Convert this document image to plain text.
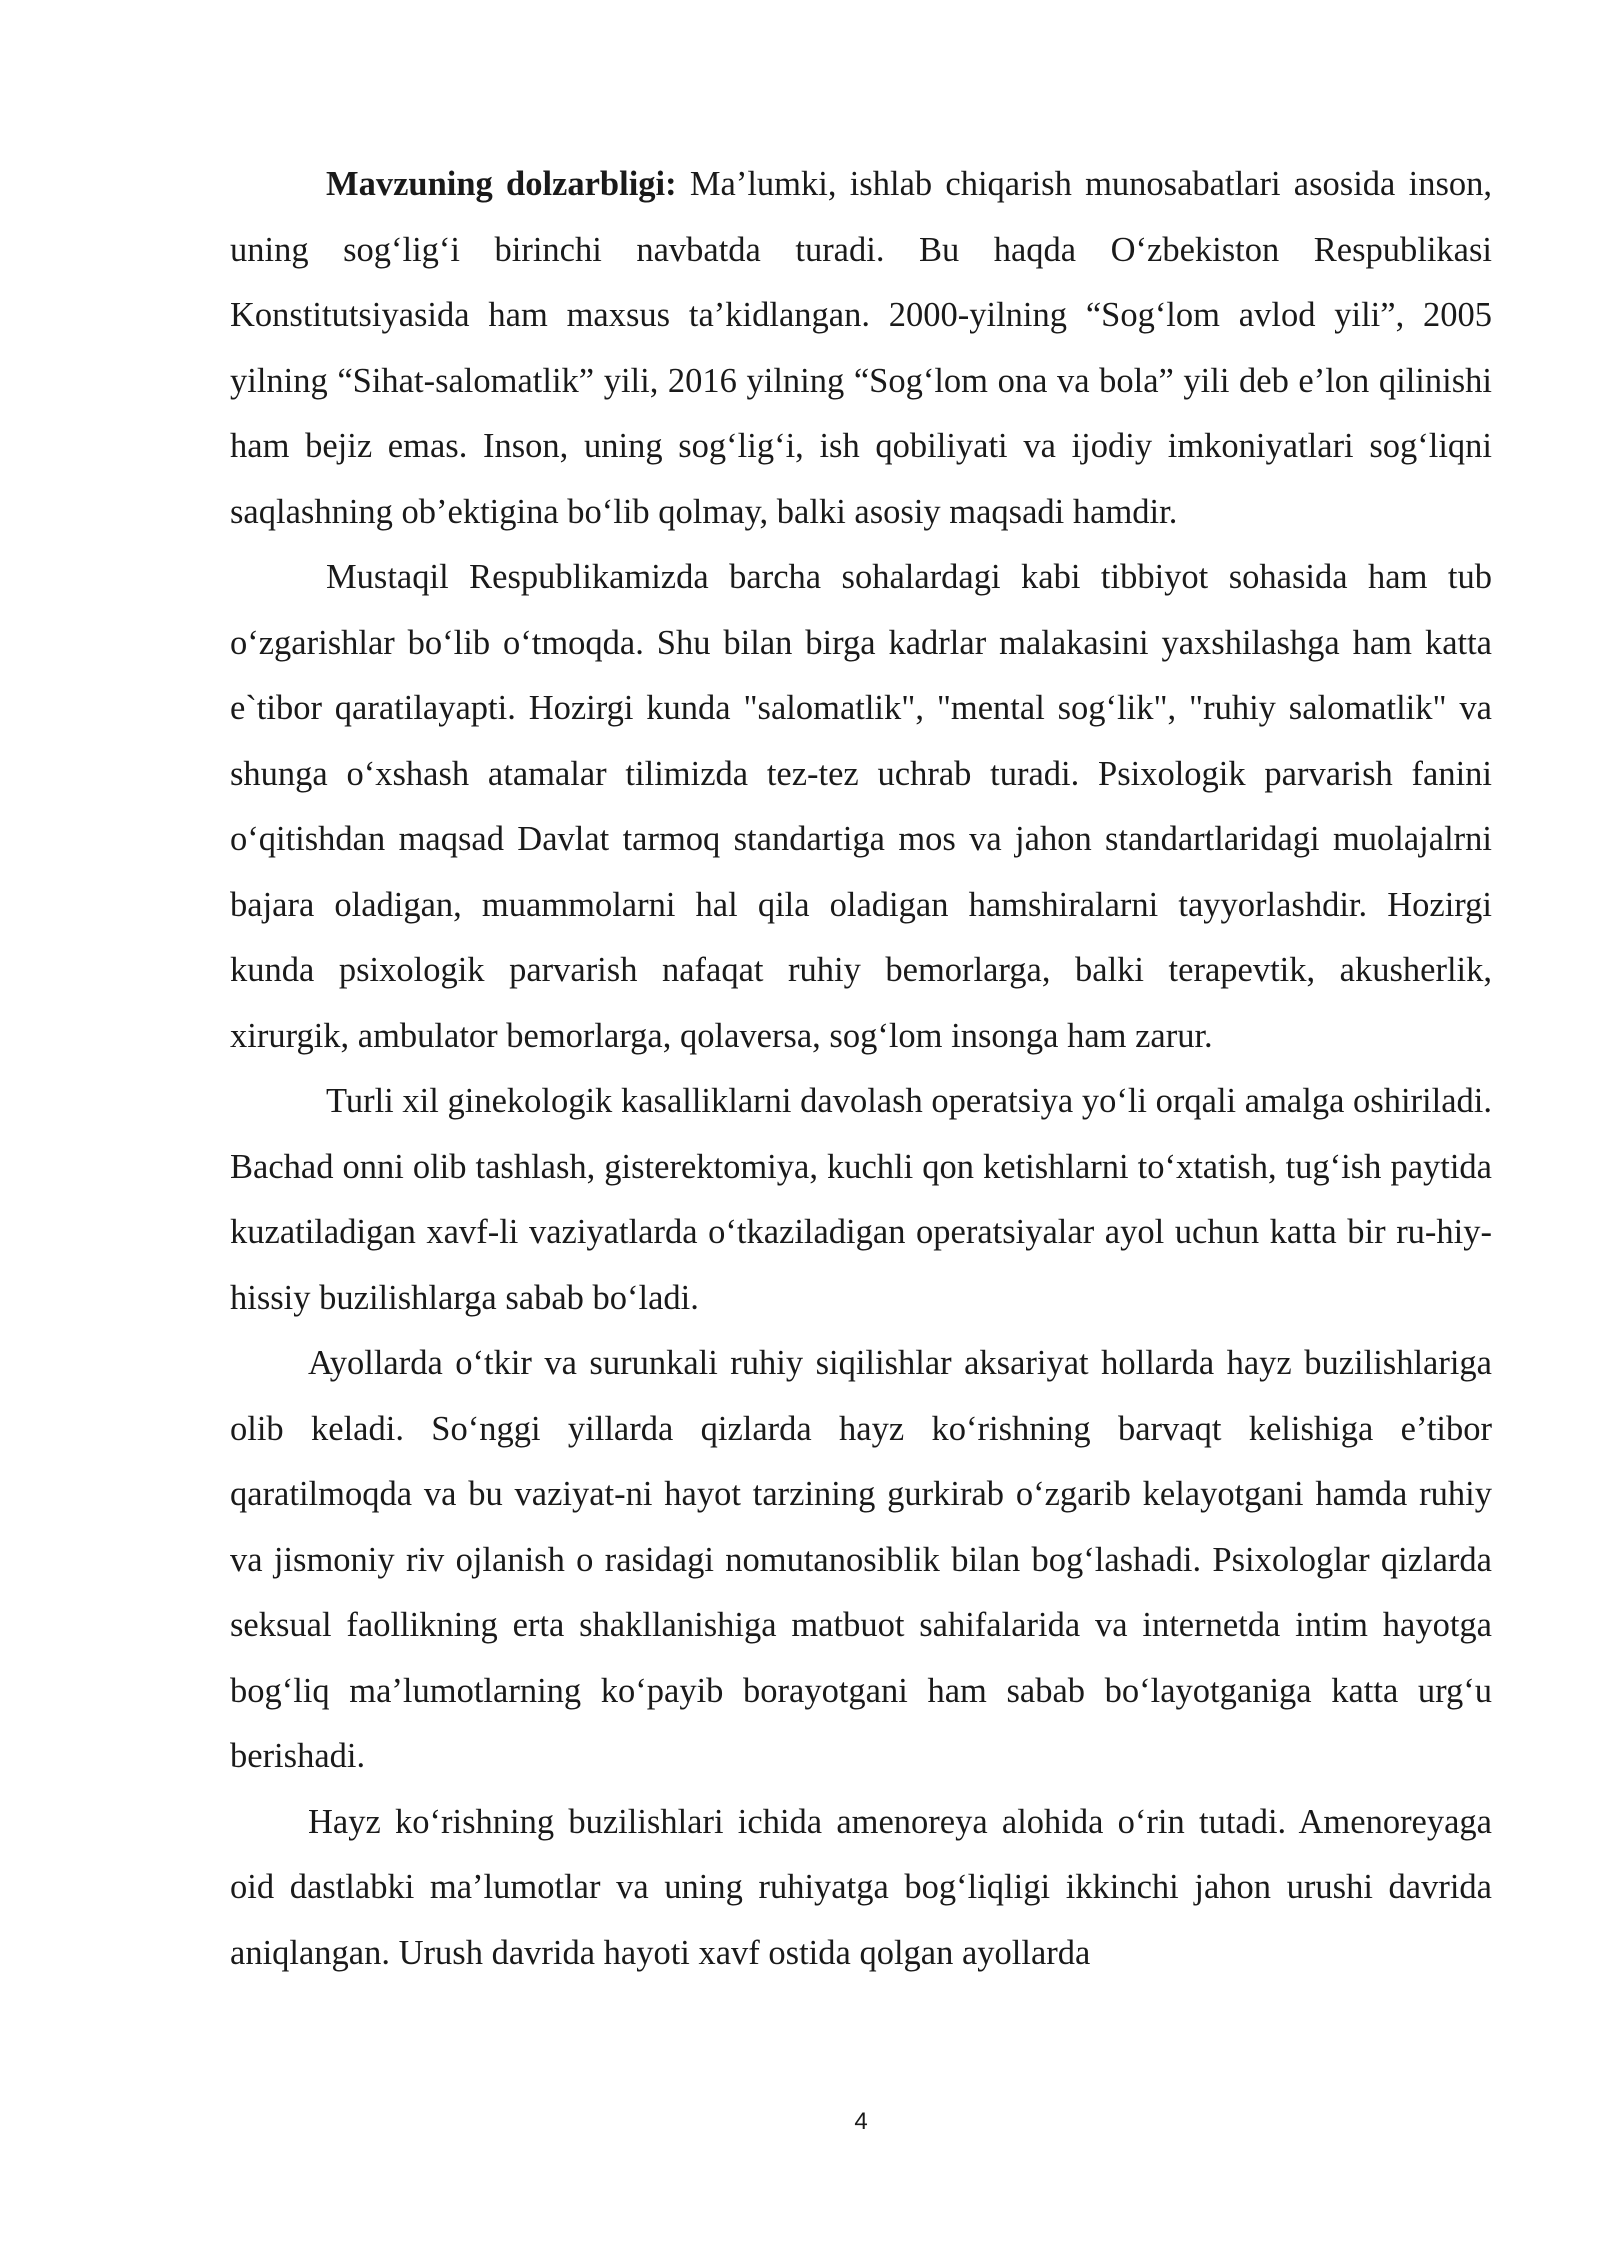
Mavzuning dolzarbligi: Ma’lumki, ishlab chiqarish munosabatlari asosida inson, uning sog‘lig‘i birinchi navbatda turadi. Bu haqda O‘zbekiston Respublikasi Konstitutsiyasida ham maxsus ta’kidlangan. 2000-yilning “Sog‘lom avlod yili”, 2005 yilning “Sihat-salomatlik” yili, 2016 yilning “Sog‘lom ona va bola” yili deb e’lon qilinishi ham bejiz emas. Inson, uning sog‘lig‘i, ish qobiliyati va ijodiy imkoniyatlari sog‘liqni saqlashning ob’ektigina bo‘lib qolmay, balki asosiy maqsadi hamdir.

Mustaqil Respublikamizda barcha sohalardagi kabi tibbiyot sohasida ham tub o‘zgarishlar bo‘lib o‘tmoqda. Shu bilan birga kadrlar malakasini yaxshilashga ham katta e`tibor qaratilayapti. Hozirgi kunda "salomatlik", "mental sog‘lik", "ruhiy salomatlik" va shunga o‘xshash atamalar tilimizda tez-tez uchrab turadi. Psixologik parvarish fanini o‘qitishdan maqsad Davlat tarmoq standartiga mos va jahon standartlaridagi muolajalrni bajara oladigan, muammolarni hal qila oladigan hamshiralarni tayyorlashdir. Hozirgi kunda psixologik parvarish nafaqat ruhiy bemorlarga, balki terapevtik, akusherlik, xirurgik, ambulator bemorlarga, qolaversa, sog‘lom insonga ham zarur.

Turli xil ginekologik kasalliklarni davolash operatsiya yo‘li orqali amalga oshiriladi. Bachad onni olib tashlash, gisterektomiya, kuchli qon ketishlarni to‘xtatish, tug‘ish paytida kuzatiladigan xavf-li vaziyatlarda o‘tkaziladigan operatsiyalar ayol uchun katta bir ru-hiy-hissiy buzilishlarga sabab bo‘ladi.

Ayollarda o‘tkir va surunkali ruhiy siqilishlar aksariyat hollarda hayz buzilishlariga olib keladi. So‘nggi yillarda qizlarda hayz ko‘rishning barvaqt kelishiga e’tibor qaratilmoqda va bu vaziyat-ni hayot tarzining gurkirab o‘zgarib kelayotgani hamda ruhiy va jismoniy riv ojlanish o rasidagi nomutanosiblik bilan bog‘lashadi. Psixologlar qizlarda seksual faollikning erta shakllanishiga matbuot sahifalarida va internetda intim hayotga bog‘liq ma’lumotlarning ko‘payib borayotgani ham sabab bo‘layotganiga katta urg‘u berishadi.

Hayz ko‘rishning buzilishlari ichida amenoreya alohida o‘rin tutadi. Amenoreyaga oid dastlabki ma’lumotlar va uning ruhiyatga bog‘liqligi ikkinchi jahon urushi davrida aniqlangan. Urush davrida hayoti xavf ostida qolgan ayollarda

4
